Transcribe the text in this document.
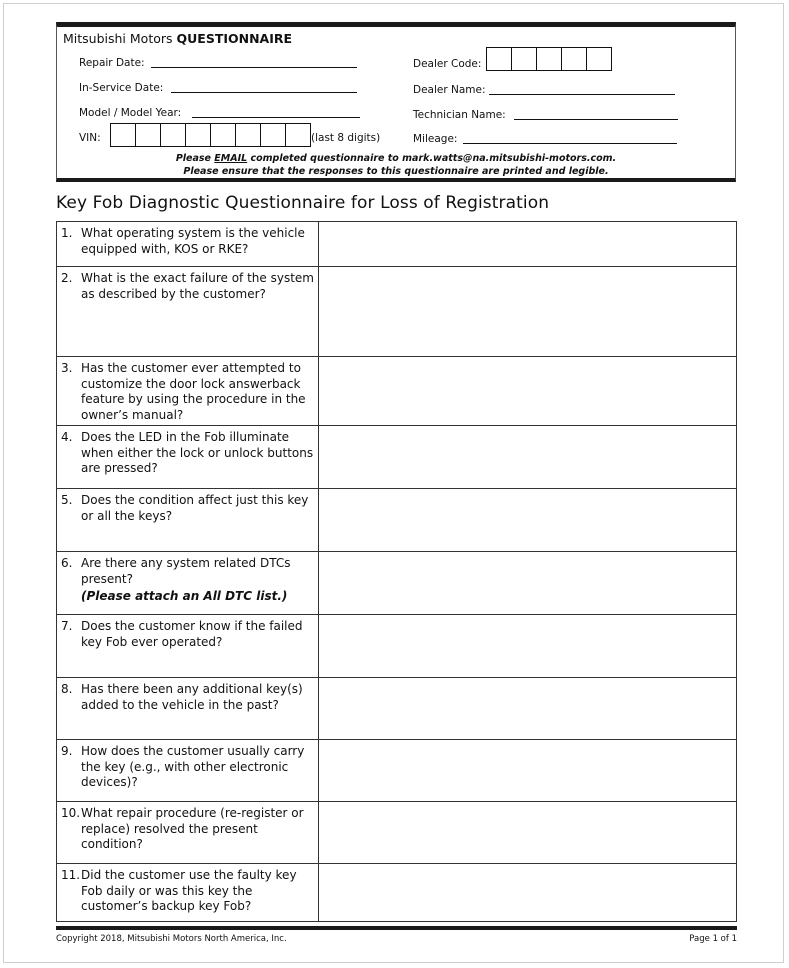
Mitsubishi Motors QUESTIONNAIRE
Repair Date:
In-Service Date:
Model / Model Year:
VIN:	(last 8 digits)
Dealer Code:
Dealer Name:
Technician Name:
Mileage:
Please EMAIL completed questionnaire to mark.watts@na.mitsubishi-motors.com.
Please ensure that the responses to this questionnaire are printed and legible.
Key Fob Diagnostic Questionnaire for Loss of Registration
1. What operating system is the vehicle equipped with, KOS or RKE?
2. What is the exact failure of the system as described by the customer?
3. Has the customer ever attempted to customize the door lock answerback feature by using the procedure in the owner’s manual?
4. Does the LED in the Fob illuminate when either the lock or unlock buttons are pressed?
5. Does the condition affect just this key or all the keys?
6. Are there any system related DTCs present?
(Please attach an All DTC list.)
7. Does the customer know if the failed key Fob ever operated?
8. Has there been any additional key(s) added to the vehicle in the past?
9. How does the customer usually carry the key (e.g., with other electronic devices)?
10. What repair procedure (re-register or replace) resolved the present condition?
11. Did the customer use the faulty key Fob daily or was this key the customer’s backup key Fob?
Copyright 2018, Mitsubishi Motors North America, Inc.	Page 1 of 1
